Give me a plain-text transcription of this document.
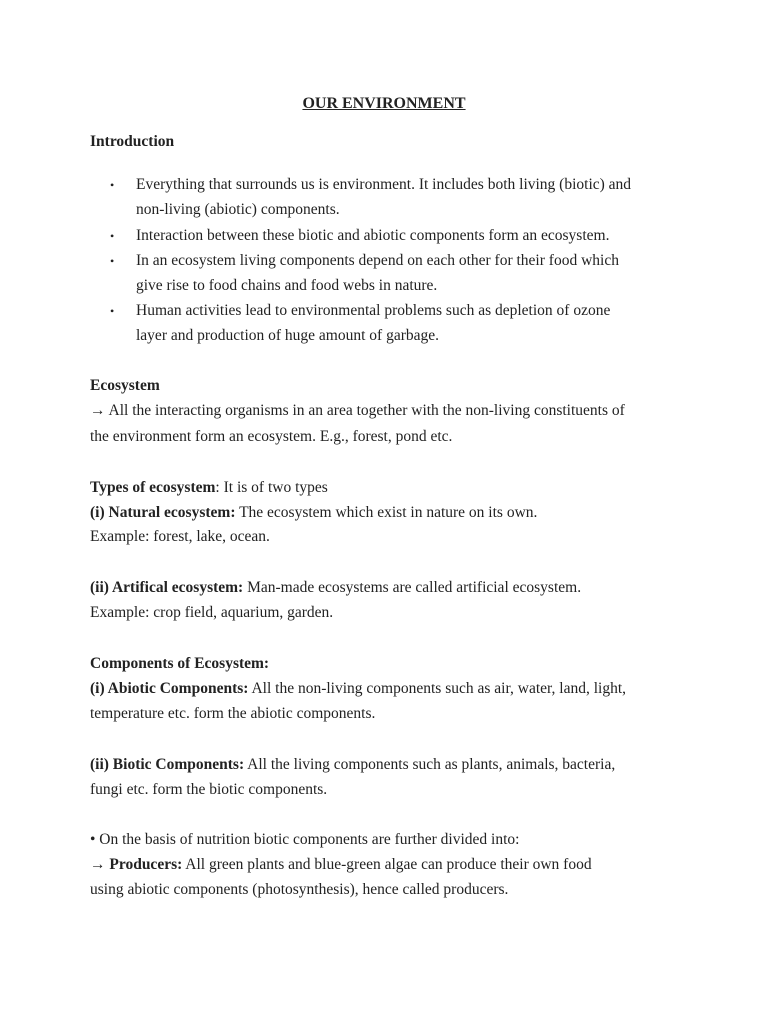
OUR ENVIRONMENT
Introduction
• Everything that surrounds us is environment. It includes both living (biotic) and
non-living (abiotic) components.
• Interaction between these biotic and abiotic components form an ecosystem.
• In an ecosystem living components depend on each other for their food which
give rise to food chains and food webs in nature.
• Human activities lead to environmental problems such as depletion of ozone
layer and production of huge amount of garbage.
Ecosystem
→ All the interacting organisms in an area together with the non-living constituents of
the environment form an ecosystem. E.g., forest, pond etc.
Types of ecosystem: It is of two types
(i) Natural ecosystem: The ecosystem which exist in nature on its own.
Example: forest, lake, ocean.
(ii) Artifical ecosystem: Man-made ecosystems are called artificial ecosystem.
Example: crop field, aquarium, garden.
Components of Ecosystem:
(i) Abiotic Components: All the non-living components such as air, water, land, light,
temperature etc. form the abiotic components.
(ii) Biotic Components: All the living components such as plants, animals, bacteria,
fungi etc. form the biotic components.
• On the basis of nutrition biotic components are further divided into:
→ Producers: All green plants and blue-green algae can produce their own food
using abiotic components (photosynthesis), hence called producers.
